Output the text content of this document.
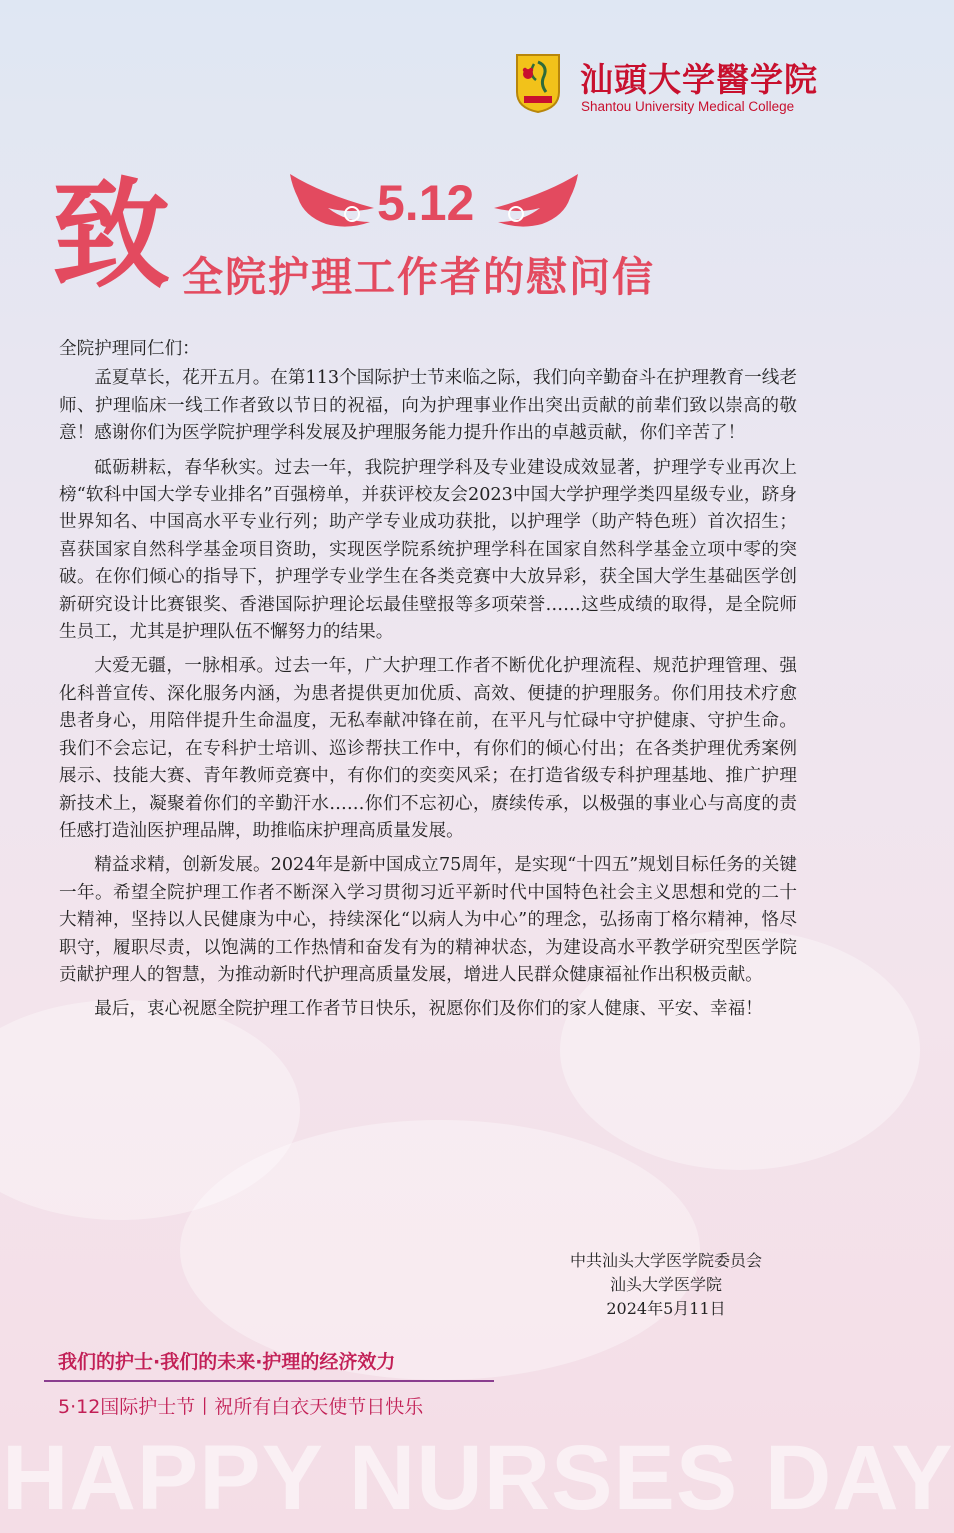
汕頭大学醫学院
Shantou University Medical College
致	5.12
全院护理工作者的慰问信

全院护理同仁们：

孟夏草长，花开五月。在第113个国际护士节来临之际，我们向辛勤奋斗在护理教育一线老师、护理临床一线工作者致以节日的祝福，向为护理事业作出突出贡献的前辈们致以崇高的敬意！感谢你们为医学院护理学科发展及护理服务能力提升作出的卓越贡献，你们辛苦了！

砥砺耕耘，春华秋实。过去一年，我院护理学科及专业建设成效显著，护理学专业再次上榜“软科中国大学专业排名”百强榜单，并获评校友会2023中国大学护理学类四星级专业，跻身世界知名、中国高水平专业行列；助产学专业成功获批，以护理学（助产特色班）首次招生；喜获国家自然科学基金项目资助，实现医学院系统护理学科在国家自然科学基金立项中零的突破。在你们倾心的指导下，护理学专业学生在各类竞赛中大放异彩，获全国大学生基础医学创新研究设计比赛银奖、香港国际护理论坛最佳壁报等多项荣誉……这些成绩的取得，是全院师生员工，尤其是护理队伍不懈努力的结果。

大爱无疆，一脉相承。过去一年，广大护理工作者不断优化护理流程、规范护理管理、强化科普宣传、深化服务内涵，为患者提供更加优质、高效、便捷的护理服务。你们用技术疗愈患者身心，用陪伴提升生命温度，无私奉献冲锋在前，在平凡与忙碌中守护健康、守护生命。我们不会忘记，在专科护士培训、巡诊帮扶工作中，有你们的倾心付出；在各类护理优秀案例展示、技能大赛、青年教师竞赛中，有你们的奕奕风采；在打造省级专科护理基地、推广护理新技术上，凝聚着你们的辛勤汗水……你们不忘初心，赓续传承，以极强的事业心与高度的责任感打造汕医护理品牌，助推临床护理高质量发展。

精益求精，创新发展。2024年是新中国成立75周年，是实现“十四五”规划目标任务的关键一年。希望全院护理工作者不断深入学习贯彻习近平新时代中国特色社会主义思想和党的二十大精神，坚持以人民健康为中心，持续深化“以病人为中心”的理念，弘扬南丁格尔精神，恪尽职守，履职尽责，以饱满的工作热情和奋发有为的精神状态，为建设高水平教学研究型医学院贡献护理人的智慧，为推动新时代护理高质量发展，增进人民群众健康福祉作出积极贡献。

最后，衷心祝愿全院护理工作者节日快乐，祝愿你们及你们的家人健康、平安、幸福！

中共汕头大学医学院委员会
汕头大学医学院
2024年5月11日
我们的护士·我们的未来·护理的经济效力
5·12国际护士节丨祝所有白衣天使节日快乐
HAPPY NURSES DAY
